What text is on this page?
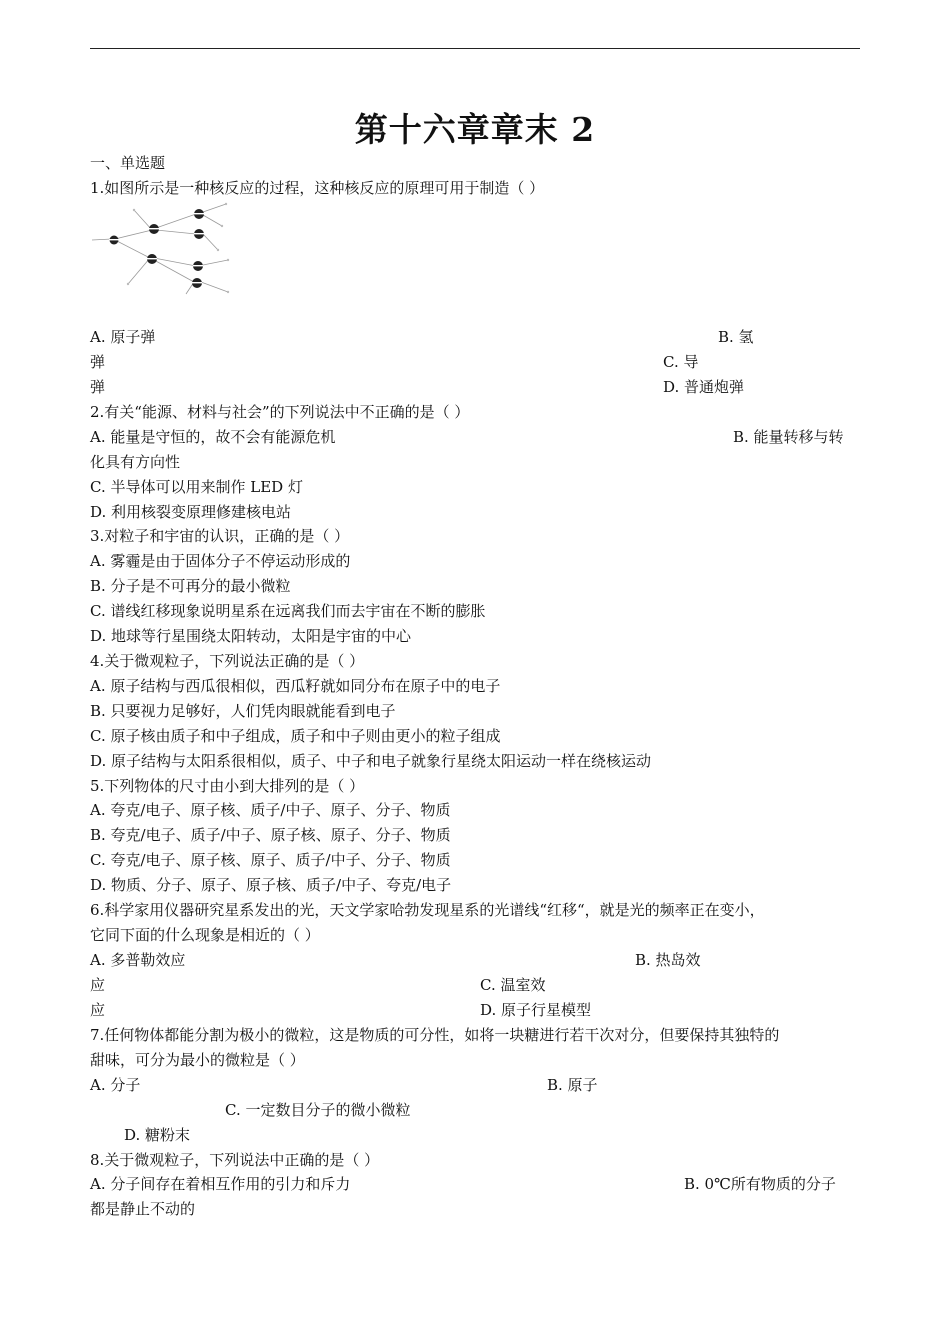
第十六章章末 2
一、单选题
1.如图所示是一种核反应的过程，这种核反应的原理可用于制造（ ）
A. 原子弹	B. 氢
弹	C. 导
弹	D. 普通炮弹
2.有关“能源、材料与社会”的下列说法中不正确的是（ ）
A. 能量是守恒的，故不会有能源危机	B. 能量转移与转
化具有方向性
C. 半导体可以用来制作 LED 灯
D. 利用核裂变原理修建核电站
3.对粒子和宇宙的认识，正确的是（ ）
A. 雾霾是由于固体分子不停运动形成的
B. 分子是不可再分的最小微粒
C. 谱线红移现象说明星系在远离我们而去宇宙在不断的膨胀
D. 地球等行星围绕太阳转动，太阳是宇宙的中心
4.关于微观粒子，下列说法正确的是（ ）
A. 原子结构与西瓜很相似，西瓜籽就如同分布在原子中的电子
B. 只要视力足够好，人们凭肉眼就能看到电子
C. 原子核由质子和中子组成，质子和中子则由更小的粒子组成
D. 原子结构与太阳系很相似，质子、中子和电子就象行星绕太阳运动一样在绕核运动
5.下列物体的尺寸由小到大排列的是（ ）
A. 夸克/电子、原子核、质子/中子、原子、分子、物质
B. 夸克/电子、质子/中子、原子核、原子、分子、物质
C. 夸克/电子、原子核、原子、质子/中子、分子、物质
D. 物质、分子、原子、原子核、质子/中子、夸克/电子
6.科学家用仪器研究星系发出的光，天文学家哈勃发现星系的光谱线“红移“，就是光的频率正在变小，
它同下面的什么现象是相近的（ ）
A. 多普勒效应	B. 热岛效
应	C. 温室效
应	D. 原子行星模型
7.任何物体都能分割为极小的微粒，这是物质的可分性，如将一块糖进行若干次对分，但要保持其独特的
甜味，可分为最小的微粒是（ ）
A. 分子	B. 原子
C. 一定数目分子的微小微粒
D. 糖粉末
8.关于微观粒子，下列说法中正确的是（ ）
A. 分子间存在着相互作用的引力和斥力	B. 0℃所有物质的分子
都是静止不动的
